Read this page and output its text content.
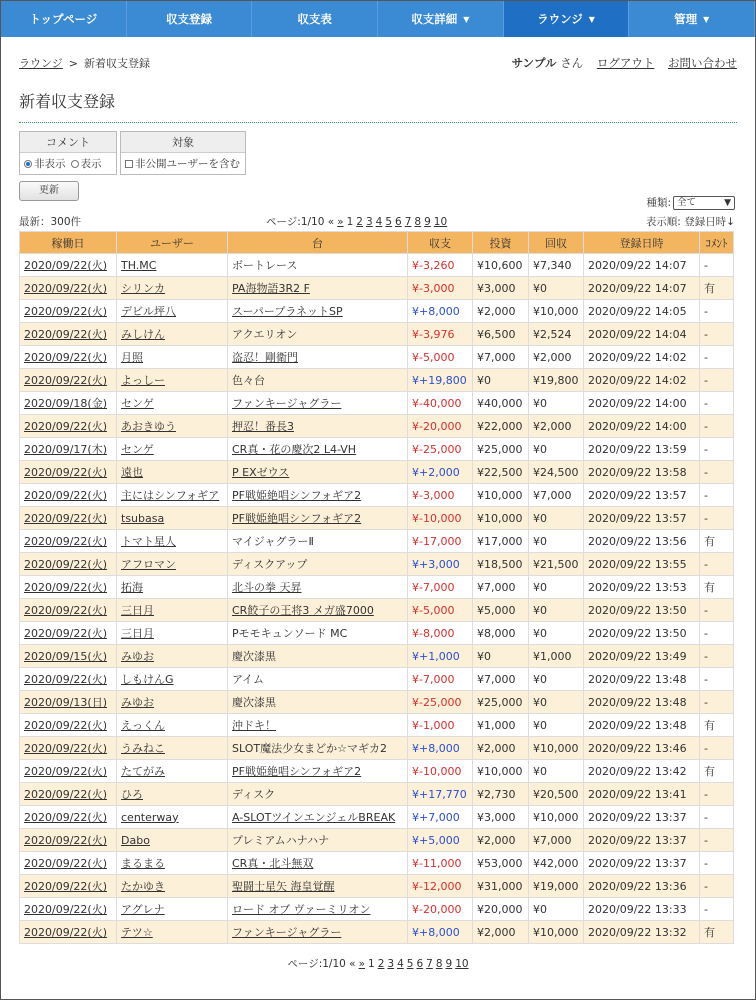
トップページ	収支登録	収支表	収支詳細 ▼	ラウンジ ▼	管理 ▼
ラウンジ > 新着収支登録	サンプル さん ログアウト お問い合わせ
新着収支登録
コメント
非表示 表示
対象
非公開ユーザーを含む
更新
種類: 全て	▼
最新：300件	ページ:1/10 « » 1 2 3 4 5 6 7 8 9 10	表示順: 登録日時↓
稼働日	ユーザー	台	収支	投資	回収	登録日時	ｺﾒﾝﾄ
2020/09/22(火)	TH.MC	ボートレース	¥-3,260	¥10,600	¥7,340	2020/09/22 14:07	-
2020/09/22(火)	シリンカ	PA海物語3R2 F	¥-3,000	¥3,000	¥0	2020/09/22 14:07	有
2020/09/22(火)	デビル坪八	スーパープラネットSP	¥+8,000	¥2,000	¥10,000	2020/09/22 14:05	-
2020/09/22(火)	みしけん	アクエリオン	¥-3,976	¥6,500	¥2,524	2020/09/22 14:04	-
2020/09/22(火)	月照	盗忍！剛衛門	¥-5,000	¥7,000	¥2,000	2020/09/22 14:02	-
2020/09/22(火)	よっしー	色々台	¥+19,800	¥0	¥19,800	2020/09/22 14:02	-
2020/09/18(金)	センゲ	ファンキージャグラー	¥-40,000	¥40,000	¥0	2020/09/22 14:00	-
2020/09/22(火)	あおきゆう	押忍！番長3	¥-20,000	¥22,000	¥2,000	2020/09/22 14:00	-
2020/09/17(木)	センゲ	CR真・花の慶次2 L4-VH	¥-25,000	¥25,000	¥0	2020/09/22 13:59	-
2020/09/22(火)	遠也	P EXゼウス	¥+2,000	¥22,500	¥24,500	2020/09/22 13:58	-
2020/09/22(火)	主にはシンフォギア	PF戦姫絶唱シンフォギア2	¥-3,000	¥10,000	¥7,000	2020/09/22 13:57	-
2020/09/22(火)	tsubasa	PF戦姫絶唱シンフォギア2	¥-10,000	¥10,000	¥0	2020/09/22 13:57	-
2020/09/22(火)	トマト星人	マイジャグラーⅡ	¥-17,000	¥17,000	¥0	2020/09/22 13:56	有
2020/09/22(火)	アフロマン	ディスクアップ	¥+3,000	¥18,500	¥21,500	2020/09/22 13:55	-
2020/09/22(火)	拓海	北斗の拳 天昇	¥-7,000	¥7,000	¥0	2020/09/22 13:53	有
2020/09/22(火)	三日月	CR餃子の王将3 メガ盛7000	¥-5,000	¥5,000	¥0	2020/09/22 13:50	-
2020/09/22(火)	三日月	Pモモキュンソード MC	¥-8,000	¥8,000	¥0	2020/09/22 13:50	-
2020/09/15(火)	みゆお	慶次漆黒	¥+1,000	¥0	¥1,000	2020/09/22 13:49	-
2020/09/22(火)	しもけんG	アイム	¥-7,000	¥7,000	¥0	2020/09/22 13:48	-
2020/09/13(日)	みゆお	慶次漆黒	¥-25,000	¥25,000	¥0	2020/09/22 13:48	-
2020/09/22(火)	えっくん	沖ドキ！	¥-1,000	¥1,000	¥0	2020/09/22 13:48	有
2020/09/22(火)	うみねこ	SLOT魔法少女まどか☆マギカ2	¥+8,000	¥2,000	¥10,000	2020/09/22 13:46	-
2020/09/22(火)	たてがみ	PF戦姫絶唱シンフォギア2	¥-10,000	¥10,000	¥0	2020/09/22 13:42	有
2020/09/22(火)	ひろ	ディスク	¥+17,770	¥2,730	¥20,500	2020/09/22 13:41	-
2020/09/22(火)	centerway	A-SLOTツインエンジェルBREAK	¥+7,000	¥3,000	¥10,000	2020/09/22 13:37	-
2020/09/22(火)	Dabo	プレミアムハナハナ	¥+5,000	¥2,000	¥7,000	2020/09/22 13:37	-
2020/09/22(火)	まるまる	CR真・北斗無双	¥-11,000	¥53,000	¥42,000	2020/09/22 13:37	-
2020/09/22(火)	たかゆき	聖闘士星矢 海皇覚醒	¥-12,000	¥31,000	¥19,000	2020/09/22 13:36	-
2020/09/22(火)	アグレナ	ロード オブ ヴァーミリオン	¥-20,000	¥20,000	¥0	2020/09/22 13:33	-
2020/09/22(火)	テツ☆	ファンキージャグラー	¥+8,000	¥2,000	¥10,000	2020/09/22 13:32	有
ページ:1/10 « » 1 2 3 4 5 6 7 8 9 10
